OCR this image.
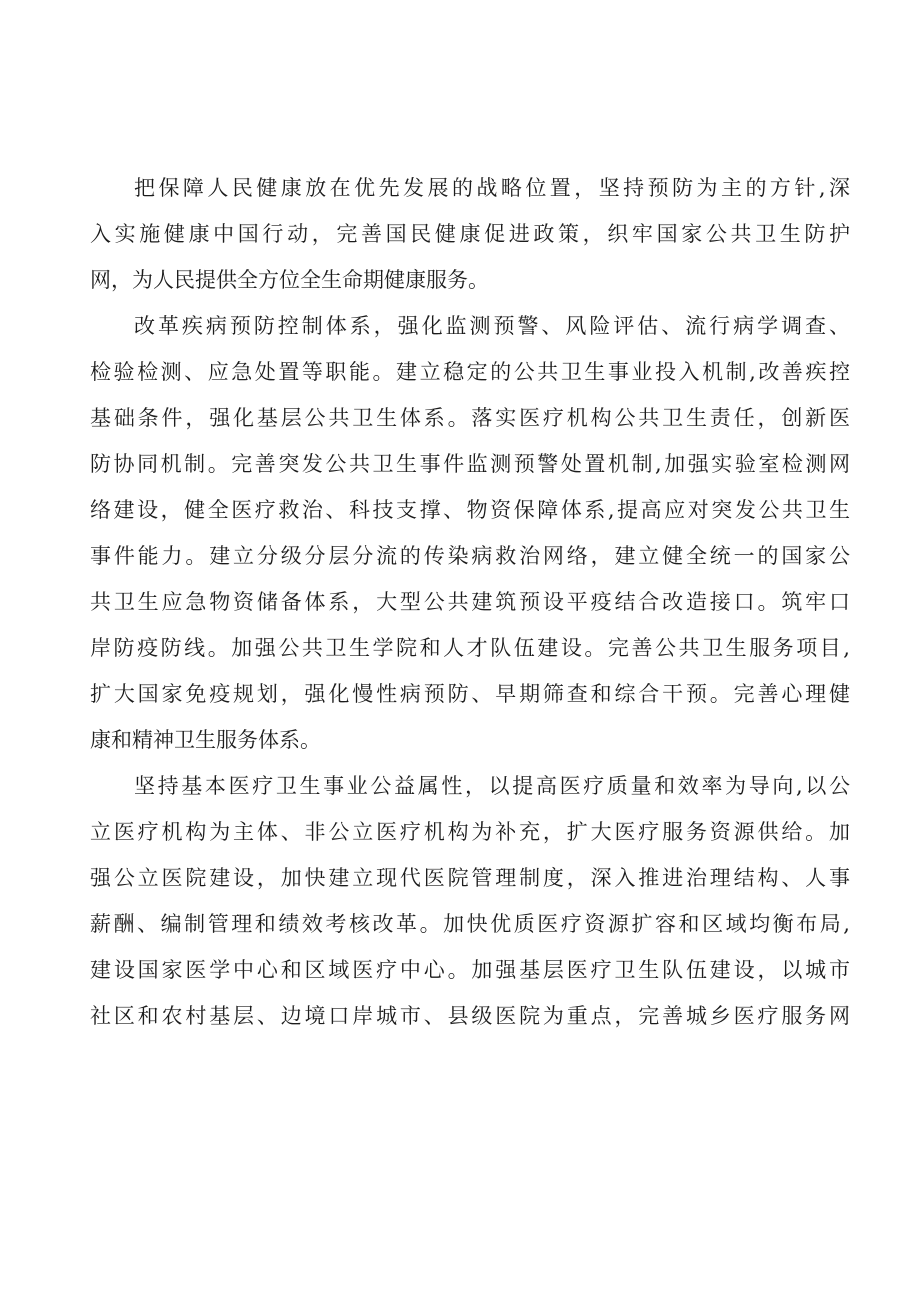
把保障人民健康放在优先发展的战略位置，坚持预防为主的方针,深
入实施健康中国行动，完善国民健康促进政策，织牢国家公共卫生防护
网，为人民提供全方位全生命期健康服务。
改革疾病预防控制体系，强化监测预警、风险评估、流行病学调查、
检验检测、应急处置等职能。建立稳定的公共卫生事业投入机制,改善疾控
基础条件，强化基层公共卫生体系。落实医疗机构公共卫生责任，创新医
防协同机制。完善突发公共卫生事件监测预警处置机制,加强实验室检测网
络建设，健全医疗救治、科技支撑、物资保障体系,提高应对突发公共卫生
事件能力。建立分级分层分流的传染病救治网络，建立健全统一的国家公
共卫生应急物资储备体系，大型公共建筑预设平疫结合改造接口。筑牢口
岸防疫防线。加强公共卫生学院和人才队伍建设。完善公共卫生服务项目,
扩大国家免疫规划，强化慢性病预防、早期筛查和综合干预。完善心理健
康和精神卫生服务体系。
坚持基本医疗卫生事业公益属性，以提高医疗质量和效率为导向,以公
立医疗机构为主体、非公立医疗机构为补充，扩大医疗服务资源供给。加
强公立医院建设，加快建立现代医院管理制度，深入推进治理结构、人事
薪酬、编制管理和绩效考核改革。加快优质医疗资源扩容和区域均衡布局,
建设国家医学中心和区域医疗中心。加强基层医疗卫生队伍建设，以城市
社区和农村基层、边境口岸城市、县级医院为重点，完善城乡医疗服务网
